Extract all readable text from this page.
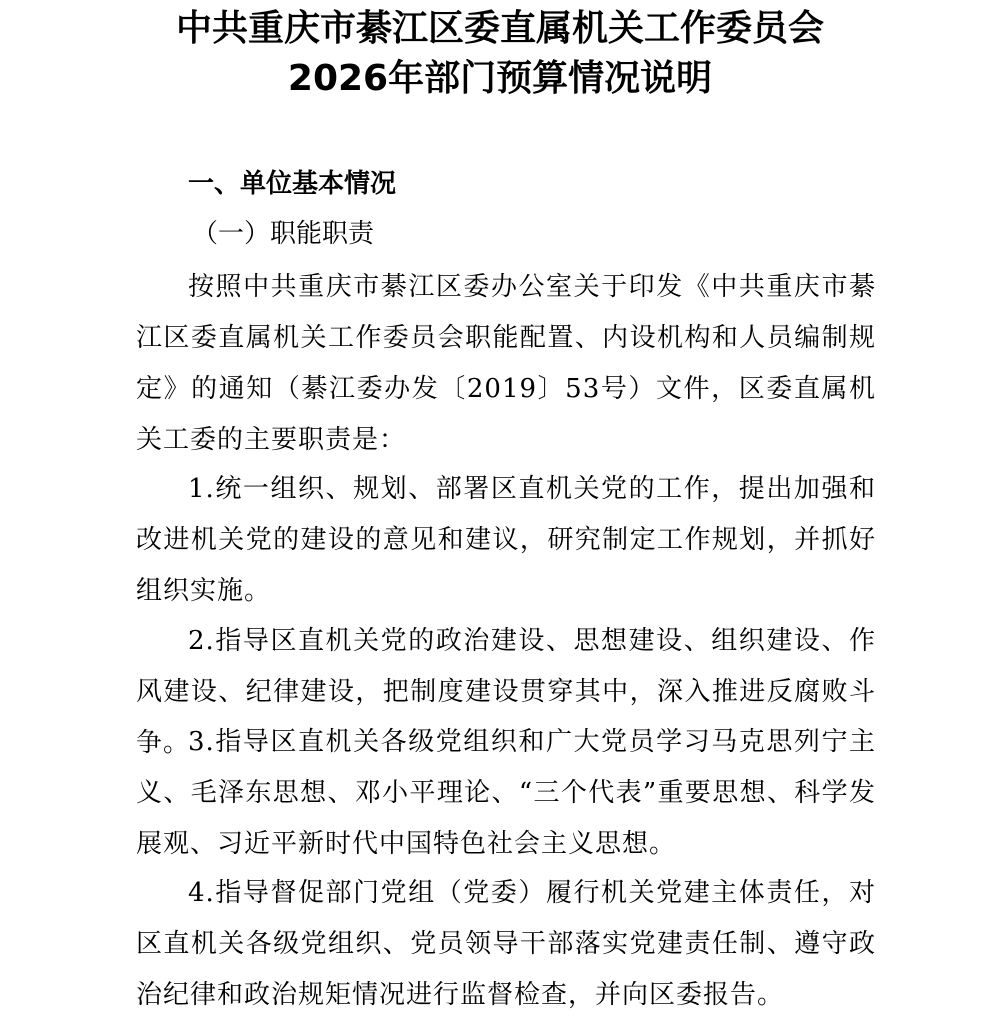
中共重庆市綦江区委直属机关工作委员会
2026年部门预算情况说明
一、单位基本情况
（一）职能职责

按照中共重庆市綦江区委办公室关于印发《中共重庆市綦江区委直属机关工作委员会职能配置、内设机构和人员编制规定》的通知（綦江委办发〔2019〕53号）文件，区委直属机关工委的主要职责是：

1.统一组织、规划、部署区直机关党的工作，提出加强和改进机关党的建设的意见和建议，研究制定工作规划，并抓好组织实施。

2.指导区直机关党的政治建设、思想建设、组织建设、作风建设、纪律建设，把制度建设贯穿其中，深入推进反腐败斗争。

3.指导区直机关各级党组织和广大党员学习马克思列宁主义、毛泽东思想、邓小平理论、“三个代表”重要思想、科学发展观、习近平新时代中国特色社会主义思想。

4.指导督促部门党组（党委）履行机关党建主体责任，对区直机关各级党组织、党员领导干部落实党建责任制、遵守政治纪律和政治规矩情况进行监督检查，并向区委报告。
